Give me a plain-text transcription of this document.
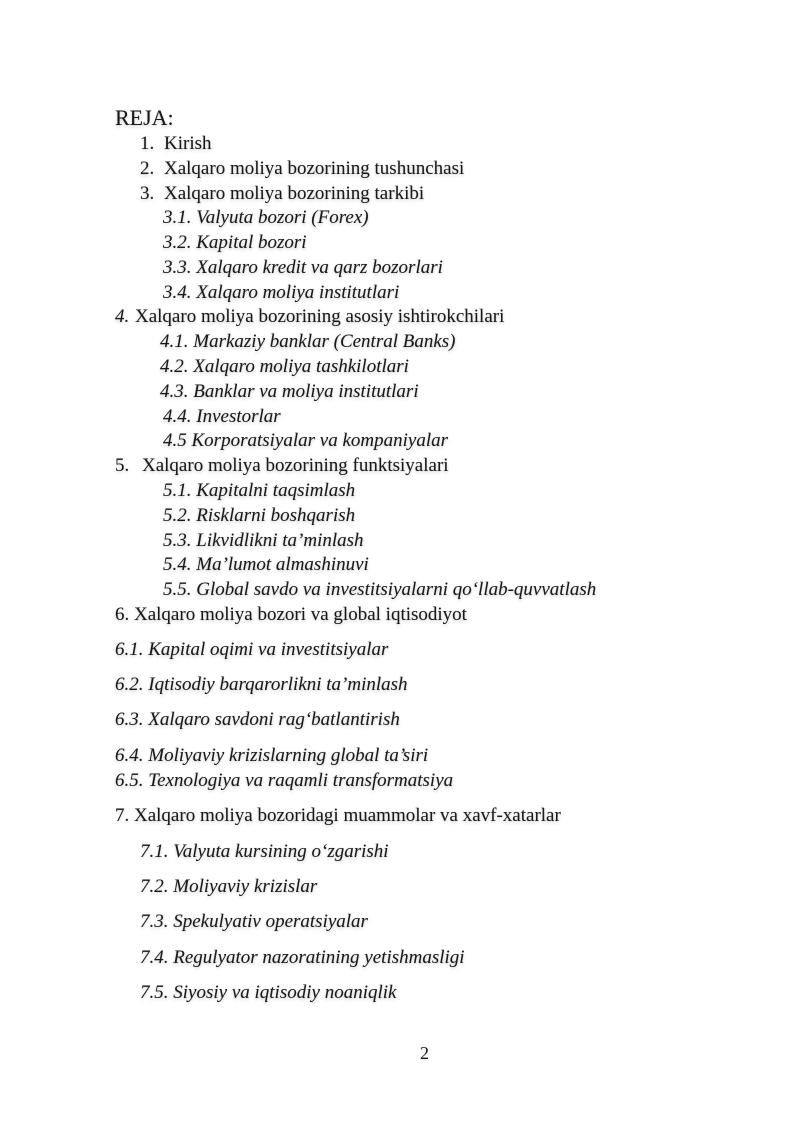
REJA:
1. Kirish
2. Xalqaro moliya bozorining tushunchasi
3. Xalqaro moliya bozorining tarkibi
3.1. Valyuta bozori (Forex)
3.2. Kapital bozori
3.3. Xalqaro kredit va qarz bozorlari
3.4. Xalqaro moliya institutlari
4. Xalqaro moliya bozorining asosiy ishtirokchilari
4.1. Markaziy banklar (Central Banks)
4.2. Xalqaro moliya tashkilotlari
4.3. Banklar va moliya institutlari
4.4. Investorlar
4.5 Korporatsiyalar va kompaniyalar
5. Xalqaro moliya bozorining funktsiyalari
5.1. Kapitalni taqsimlash
5.2. Risklarni boshqarish
5.3. Likvidlikni ta’minlash
5.4. Ma’lumot almashinuvi
5.5. Global savdo va investitsiyalarni qo‘llab-quvvatlash
6. Xalqaro moliya bozori va global iqtisodiyot
6.1. Kapital oqimi va investitsiyalar
6.2. Iqtisodiy barqarorlikni ta’minlash
6.3. Xalqaro savdoni rag‘batlantirish
6.4. Moliyaviy krizislarning global ta’siri
6.5. Texnologiya va raqamli transformatsiya
7. Xalqaro moliya bozoridagi muammolar va xavf-xatarlar
7.1. Valyuta kursining o‘zgarishi
7.2. Moliyaviy krizislar
7.3. Spekulyativ operatsiyalar
7.4. Regulyator nazoratining yetishmasligi
7.5. Siyosiy va iqtisodiy noaniqlik
2
